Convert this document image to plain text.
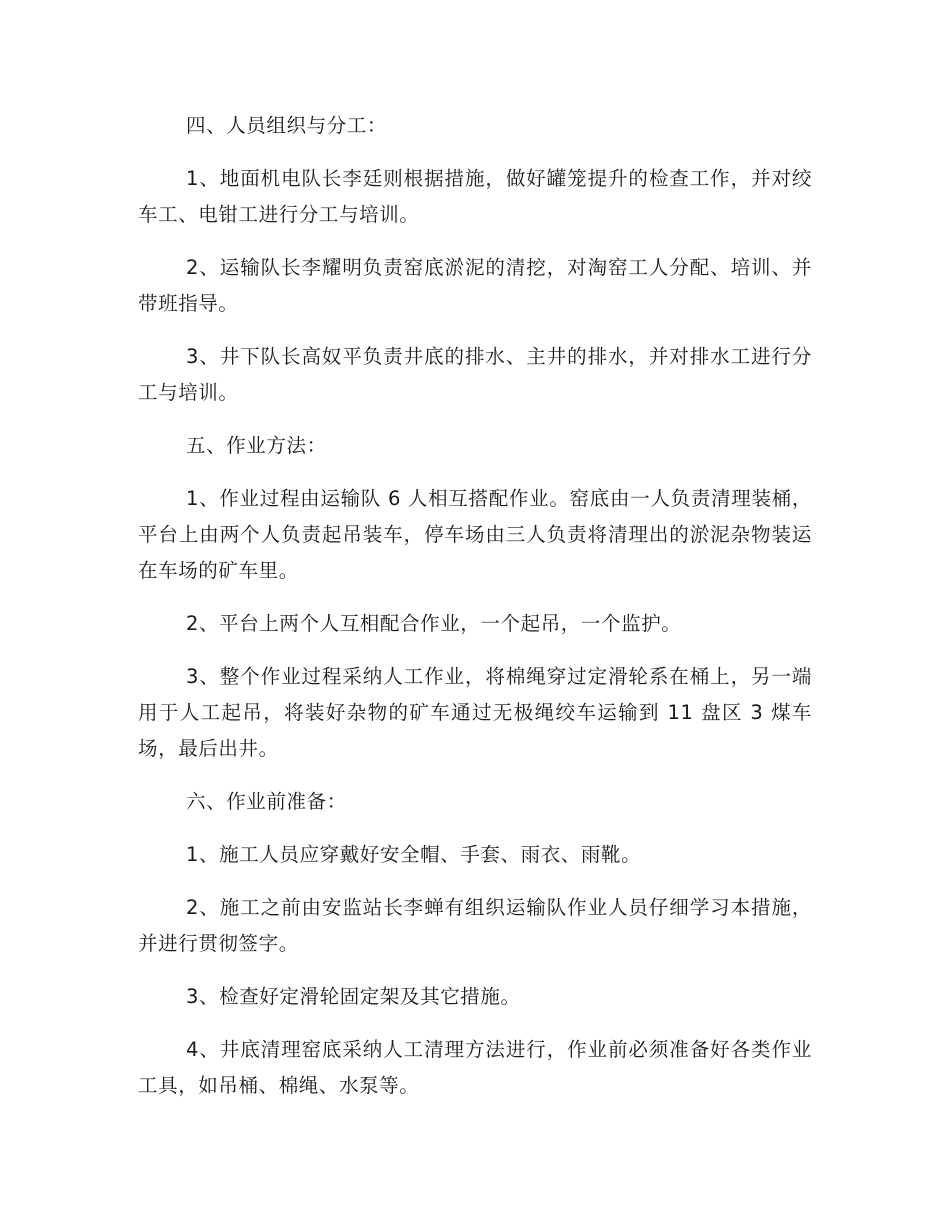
四、人员组织与分工：

1、地面机电队长李廷则根据措施，做好罐笼提升的检查工作，并对绞车工、电钳工进行分工与培训。

2、运输队长李耀明负责窑底淤泥的清挖，对淘窑工人分配、培训、并带班指导。

3、井下队长高奴平负责井底的排水、主井的排水，并对排水工进行分工与培训。

五、作业方法：

1、作业过程由运输队 6 人相互搭配作业。窑底由一人负责清理装桶，平台上由两个人负责起吊装车，停车场由三人负责将清理出的淤泥杂物装运在车场的矿车里。

2、平台上两个人互相配合作业，一个起吊，一个监护。

3、整个作业过程采纳人工作业，将棉绳穿过定滑轮系在桶上，另一端用于人工起吊，将装好杂物的矿车通过无极绳绞车运输到 11 盘区 3 煤车场，最后出井。

六、作业前准备：

1、施工人员应穿戴好安全帽、手套、雨衣、雨靴。

2、施工之前由安监站长李蝉有组织运输队作业人员仔细学习本措施，并进行贯彻签字。

3、检查好定滑轮固定架及其它措施。

4、井底清理窑底采纳人工清理方法进行，作业前必须准备好各类作业工具，如吊桶、棉绳、水泵等。
